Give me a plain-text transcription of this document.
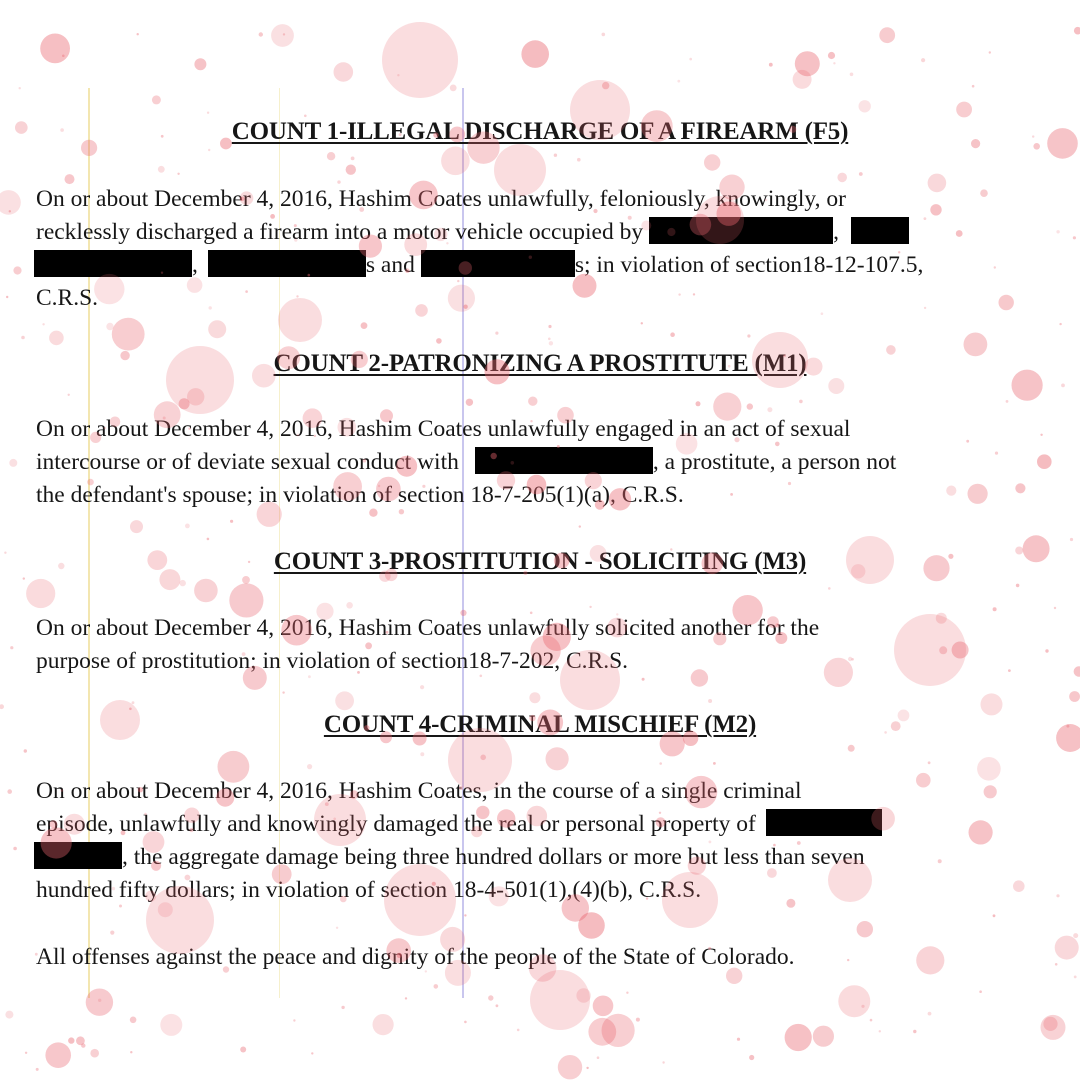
COUNT 1-ILLEGAL DISCHARGE OF A FIREARM (F5)
On or about December 4, 2016, Hashim Coates unlawfully, feloniously, knowingly, or
recklessly discharged a firearm into a motor vehicle occupied by	,
,	s and	s; in violation of section18-12-107.5,
C.R.S.
COUNT 2-PATRONIZING A PROSTITUTE (M1)
On or about December 4, 2016, Hashim Coates unlawfully engaged in an act of sexual
intercourse or of deviate sexual conduct with	, a prostitute, a person not
the defendant's spouse; in violation of section 18-7-205(1)(a), C.R.S.
COUNT 3-PROSTITUTION - SOLICITING (M3)
On or about December 4, 2016, Hashim Coates unlawfully solicited another for the
purpose of prostitution; in violation of section18-7-202, C.R.S.
COUNT 4-CRIMINAL MISCHIEF (M2)
On or about December 4, 2016, Hashim Coates, in the course of a single criminal
episode, unlawfully and knowingly damaged the real or personal property of
, the aggregate damage being three hundred dollars or more but less than seven
hundred fifty dollars; in violation of section 18-4-501(1),(4)(b), C.R.S.
All offenses against the peace and dignity of the people of the State of Colorado.
